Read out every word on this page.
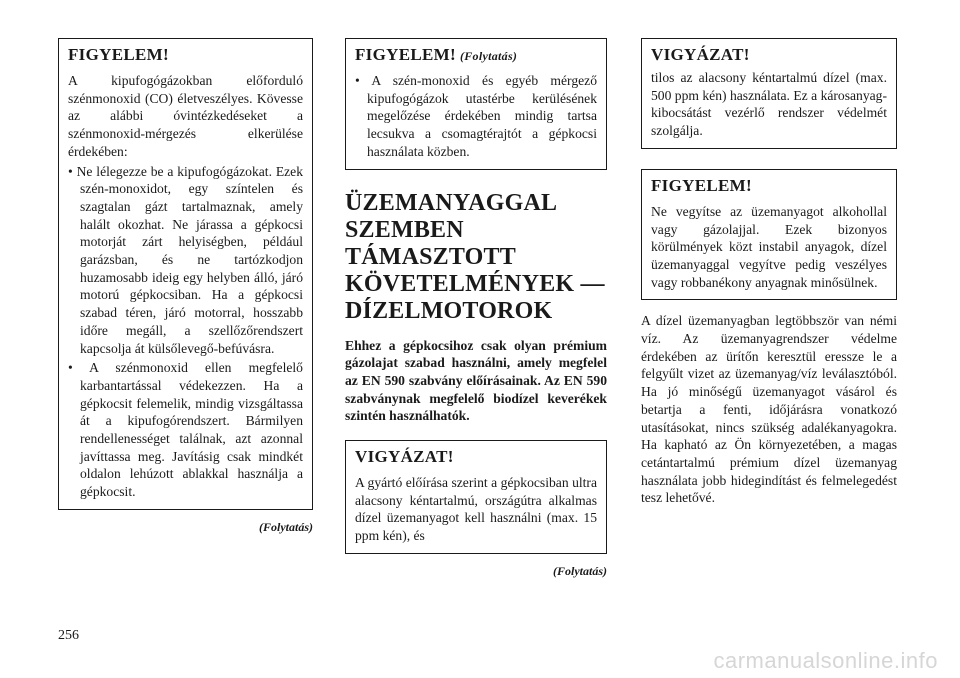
FIGYELEM!

A kipufogógázokban előforduló szénmonoxid (CO) életveszélyes. Kövesse az alábbi óvintézkedéseket a szénmonoxid-mérgezés elkerülése érdekében:

• Ne lélegezze be a kipufogógázokat. Ezek szén-monoxidot, egy színtelen és szagtalan gázt tartalmaznak, amely halált okozhat. Ne járassa a gépkocsi motorját zárt helyiségben, például garázsban, és ne tartózkodjon huzamosabb ideig egy helyben álló, járó motorú gépkocsiban. Ha a gépkocsi szabad téren, járó motorral, hosszabb időre megáll, a szellőzőrendszert kapcsolja át külsőlevegő-befúvásra.
• A szénmonoxid ellen megfelelő karbantartással védekezzen. Ha a gépkocsit felemelik, mindig vizsgáltassa át a kipufogórendszert. Bármilyen rendellenességet találnak, azt azonnal javíttassa meg. Javításig csak mindkét oldalon lehúzott ablakkal használja a gépkocsit.
(Folytatás)
FIGYELEM! (Folytatás)
• A szén-monoxid és egyéb mérgező kipufogógázok utastérbe kerülésének megelőzése érdekében mindig tartsa lecsukva a csomagtérajtót a gépkocsi használata közben.
ÜZEMANYAGGAL SZEMBEN TÁMASZTOTT KÖVETELMÉNYEK — DÍZELMOTOROK

Ehhez a gépkocsihoz csak olyan prémium gázolajat szabad használni, amely megfelel az EN 590 szabvány előírásainak. Az EN 590 szabványnak megfelelő biodízel keverékek szintén használhatók.

VIGYÁZAT!

A gyártó előírása szerint a gépkocsiban ultra alacsony kéntartalmú, országútra alkalmas dízel üzemanyagot kell használni (max. 15 ppm kén), és

(Folytatás)
VIGYÁZAT!

tilos az alacsony kéntartalmú dízel (max. 500 ppm kén) használata. Ez a károsanyag-kibocsátást vezérlő rendszer védelmét szolgálja.

FIGYELEM!

Ne vegyítse az üzemanyagot alkohollal vagy gázolajjal. Ezek bizonyos körülmények közt instabil anyagok, dízel üzemanyaggal vegyítve pedig veszélyes vagy robbanékony anyagnak minősülnek.

A dízel üzemanyagban legtöbbször van némi víz. Az üzemanyagrendszer védelme érdekében az ürítőn keresztül eressze le a felgyűlt vizet az üzemanyag/víz leválasztóból. Ha jó minőségű üzemanyagot vásárol és betartja a fenti, időjárásra vonatkozó utasításokat, nincs szükség adalékanyagokra. Ha kapható az Ön környezetében, a magas cetántartalmú prémium dízel üzemanyag használata jobb hidegindítást és felmelegedést tesz lehetővé.

256
carmanualsonline.info
